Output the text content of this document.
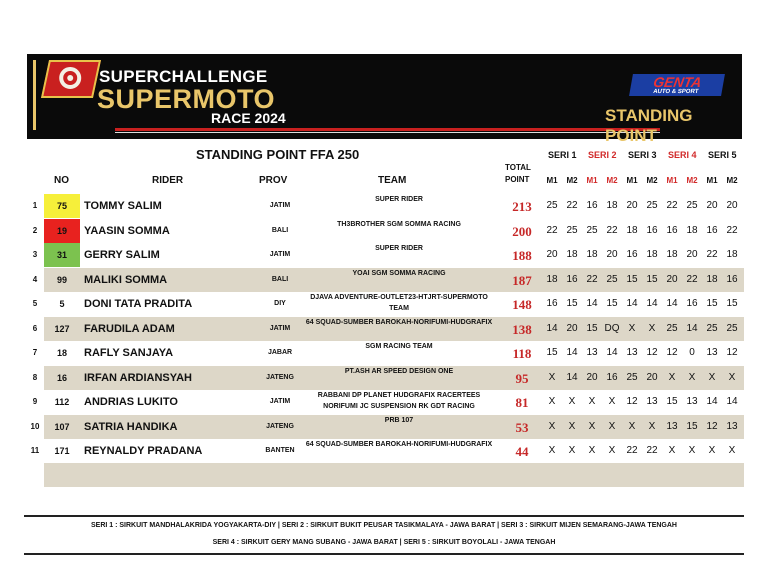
SUPERCHALLENGE
SUPERMOTO
RACE 2024
GENTA
AUTO & SPORT
STANDING POINT
STANDING POINT FFA 250
NO	RIDER	PROV	TEAM
TOTAL
POINT
SERI 1 SERI 2 SERI 3 SERI 4 SERI 5
M1	M2	M1	M2	M1	M2	M1	M2	M1	M2
1	75	TOMMY SALIM	JATIM
SUPER RIDER	213	25 22 16 18 20 25 22 25 20 20
2	19	YAASIN SOMMA	BALI
TH3BROTHER SGM SOMMA RACING	200	22 25 25 22 18 16 16 18 16 22
3	31	GERRY SALIM	JATIM
SUPER RIDER	188	20 18 18 20 16 18 18 20 22 18
4	99	MALIKI SOMMA	BALI
YOAI SGM SOMMA RACING	187	18 16 22 25 15 15 20 22 18 16
5	5	DONI TATA PRADITA	DIY
DJAVA ADVENTURE-OUTLET23-HTJRT-SUPERMOTO TEAM	148	16 15 14 15 14 14 14 16 15 15
6	127	FARUDILA ADAM	JATIM
64 SQUAD-SUMBER BAROKAH-NORIFUMI-HUDGRAFIX	138	14 20 15 DQ X	X	25 14 25 25
7	18	RAFLY SANJAYA	JABAR
SGM RACING TEAM	118	15 14 13 14 13 12 12	0	13 12
8	16	IRFAN ARDIANSYAH	JATENG
PT.ASH AR SPEED DESIGN ONE	95	X	14 20 16 25 20	X	X	X	X
9	112	ANDRIAS LUKITO	JATIM
RABBANI DP PLANET HUDGRAFIX RACERTEES NORIFUMI JC SUSPENSION RK GDT RACING	81	X	X	X	X	12 13 15 13 14 14
10	107	SATRIA HANDIKA	JATENG
PRB 107	53	X	X	X	X	X	X	13 15 12 13
11	171	REYNALDY PRADANA	BANTEN
64 SQUAD-SUMBER BAROKAH-NORIFUMI-HUDGRAFIX	44	X	X	X	X	22 22	X	X	X	X
SERI 1 : SIRKUIT MANDHALAKRIDA YOGYAKARTA-DIY | SERI 2 : SIRKUIT BUKIT PEUSAR TASIKMALAYA - JAWA BARAT | SERI 3 : SIRKUIT MIJEN SEMARANG-JAWA TENGAH
SERI 4 : SIRKUIT GERY MANG SUBANG - JAWA BARAT | SERI 5 : SIRKUIT BOYOLALI - JAWA TENGAH
